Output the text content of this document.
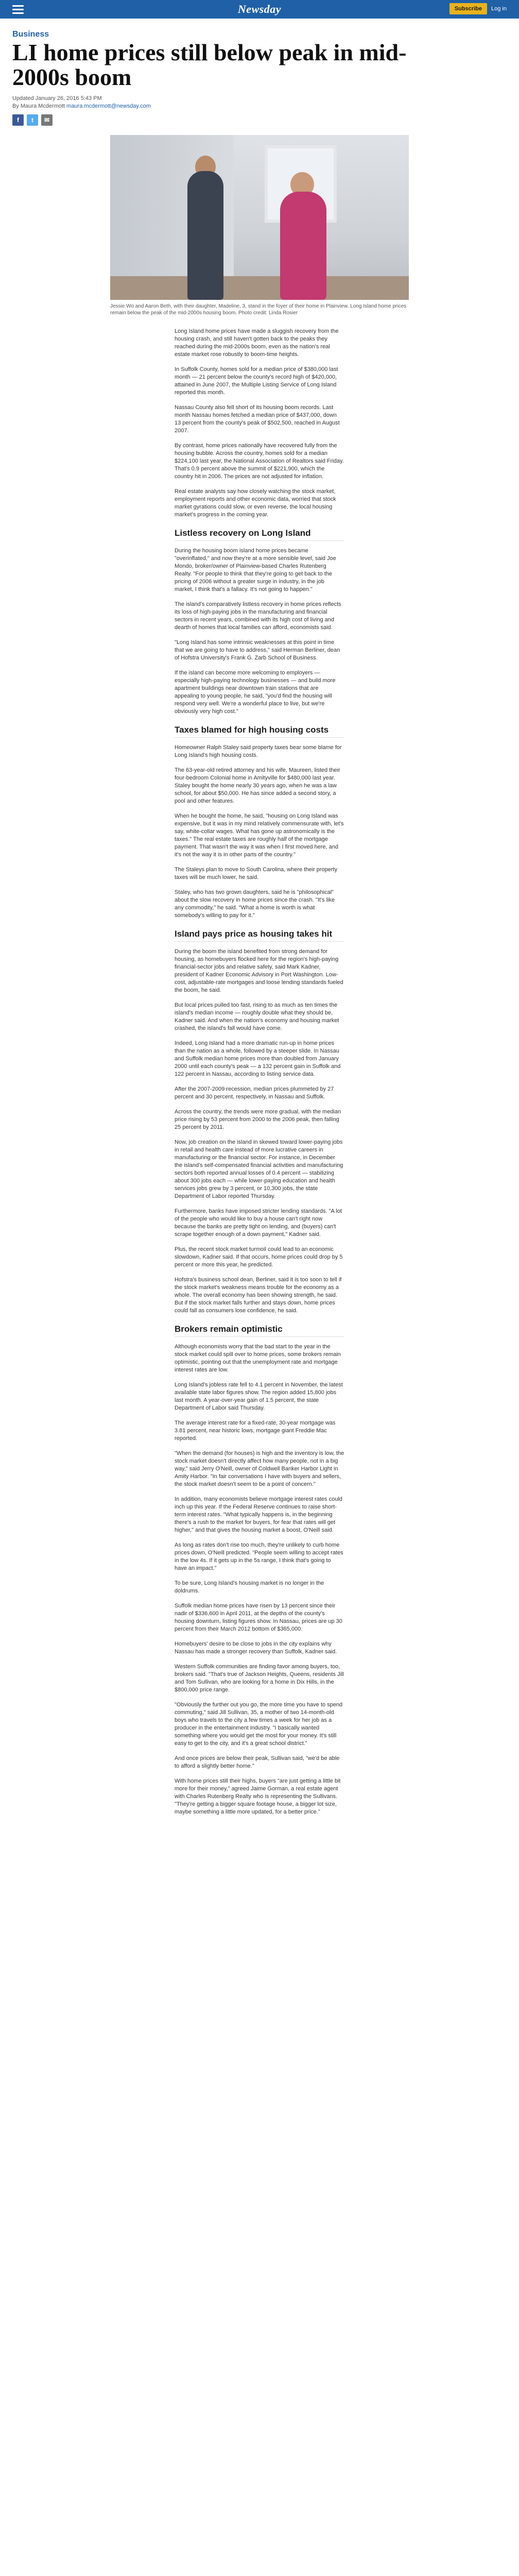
Newsday	Subscribe	Log in
Business
LI home prices still below peak in mid-2000s boom
Updated January 26, 2016 5:43 PM
By Maura Mcdermott maura.mcdermott@newsday.com
f	t	✉
Jessie Wo and Aaron Beth, with their daughter, Madeline, 3, stand in the foyer of their home in Plainview. Long Island home prices remain below the peak of the mid-2000s housing boom. Photo credit: Linda Rosier

Long Island home prices have made a sluggish recovery from the housing crash, and still haven't gotten back to the peaks they reached during the mid-2000s boom, even as the nation's real estate market rose robustly to boom-time heights.

In Suffolk County, homes sold for a median price of $380,000 last month — 21 percent below the county's record high of $420,000, attained in June 2007, the Multiple Listing Service of Long Island reported this month.

Nassau County also fell short of its housing boom records. Last month Nassau homes fetched a median price of $437,000, down 13 percent from the county's peak of $502,500, reached in August 2007.

By contrast, home prices nationally have recovered fully from the housing bubble. Across the country, homes sold for a median $224,100 last year, the National Association of Realtors said Friday. That's 0.9 percent above the summit of $221,900, which the country hit in 2006. The prices are not adjusted for inflation.

Real estate analysts say how closely watching the stock market, employment reports and other economic data, worried that stock market gyrations could slow, or even reverse, the local housing market's progress in the coming year.

Listless recovery on Long Island

During the housing boom island home prices became "overinflated," and now they're at a more sensible level, said Joe Mondo, broker/owner of Plainview-based Charles Rutenberg Realty. "For people to think that they're going to get back to the pricing of 2006 without a greater surge in industry, in the job market, I think that's a fallacy. It's not going to happen."

The island's comparatively listless recovery in home prices reflects its loss of high-paying jobs in the manufacturing and financial sectors in recent years, combined with its high cost of living and dearth of homes that local families can afford, economists said.

"Long Island has some intrinsic weaknesses at this point in time that we are going to have to address," said Herman Berliner, dean of Hofstra University's Frank G. Zarb School of Business.

If the island can become more welcoming to employers — especially high-paying technology businesses — and build more apartment buildings near downtown train stations that are appealing to young people, he said, "you'd find the housing will respond very well. We're a wonderful place to live, but we're obviously very high cost."

Taxes blamed for high housing costs

Homeowner Ralph Staley said property taxes bear some blame for Long Island's high housing costs.

The 63-year-old retired attorney and his wife, Maureen, listed their four-bedroom Colonial home in Amityville for $480,000 last year. Staley bought the home nearly 30 years ago, when he was a law school, for about $50,000. He has since added a second story, a pool and other features.

When he bought the home, he said, "housing on Long Island was expensive, but it was in my mind relatively commensurate with, let's say, white-collar wages. What has gone up astronomically is the taxes." The real estate taxes are roughly half of the mortgage payment. That wasn't the way it was when I first moved here, and it's not the way it is in other parts of the country."

The Staleys plan to move to South Carolina, where their property taxes will be much lower, he said.

Staley, who has two grown daughters, said he is "philosophical" about the slow recovery in home prices since the crash. "It's like any commodity," he said. "What a home is worth is what somebody's willing to pay for it."

Island pays price as housing takes hit

During the boom the island benefited from strong demand for housing, as homebuyers flocked here for the region's high-paying financial-sector jobs and relative safety, said Mark Kadner, president of Kadner Economic Advisory in Port Washington. Low-cost, adjustable-rate mortgages and loose lending standards fueled the boom, he said.

But local prices pulled too fast, rising to as much as ten times the island's median income — roughly double what they should be, Kadner said. And when the nation's economy and housing market crashed, the island's fall would have come.

Indeed, Long Island had a more dramatic run-up in home prices than the nation as a whole, followed by a steeper slide. In Nassau and Suffolk median home prices more than doubled from January 2000 until each county's peak — a 132 percent gain in Suffolk and 122 percent in Nassau, according to listing service data.

After the 2007-2009 recession, median prices plummeted by 27 percent and 30 percent, respectively, in Nassau and Suffolk.

Across the country, the trends were more gradual, with the median price rising by 53 percent from 2000 to the 2006 peak, then falling 25 percent by 2011.

Now, job creation on the island in skewed toward lower-paying jobs in retail and health care instead of more lucrative careers in manufacturing or the financial sector. For instance, in December the island's self-compensated financial activities and manufacturing sectors both reported annual losses of 0.4 percent — stabilizing about 300 jobs each — while lower-paying education and health services jobs grew by 3 percent, or 10,300 jobs, the state Department of Labor reported Thursday.

Furthermore, banks have imposed stricter lending standards. "A lot of the people who would like to buy a house can't right now because the banks are pretty tight on lending, and (buyers) can't scrape together enough of a down payment," Kadner said.

Plus, the recent stock market turmoil could lead to an economic slowdown, Kadner said. If that occurs, home prices could drop by 5 percent or more this year, he predicted.

Hofstra's business school dean, Berliner, said it is too soon to tell if the stock market's weakness means trouble for the economy as a whole. The overall economy has been showing strength, he said. But if the stock market falls further and stays down, home prices could fall as consumers lose confidence, he said.

Brokers remain optimistic

Although economists worry that the bad start to the year in the stock market could spill over to home prices, some brokers remain optimistic, pointing out that the unemployment rate and mortgage interest rates are low.

Long Island's jobless rate fell to 4.1 percent in November, the latest available state labor figures show. The region added 15,800 jobs last month. A year-over-year gain of 1.5 percent, the state Department of Labor said Thursday.

The average interest rate for a fixed-rate, 30-year mortgage was 3.81 percent, near historic lows, mortgage giant Freddie Mac reported.

"When the demand (for houses) is high and the inventory is low, the stock market doesn't directly affect how many people, not in a big way," said Jerry O'Neill, owner of Coldwell Banker Harbor Light in Amity Harbor. "In fair conversations I have with buyers and sellers, the stock market doesn't seem to be a point of concern."

In addition, many economists believe mortgage interest rates could inch up this year. If the Federal Reserve continues to raise short-term interest rates. "What typically happens is, in the beginning there's a rush to the market for buyers, for fear that rates will get higher," and that gives the housing market a boost, O'Neill said.

As long as rates don't rise too much, they're unlikely to curb home prices down, O'Neill predicted. "People seem willing to accept rates in the low 4s. If it gets up in the 5s range, I think that's going to have an impact."

To be sure, Long Island's housing market is no longer in the doldrums.

Suffolk median home prices have risen by 13 percent since their nadir of $336,600 in April 2011, at the depths of the county's housing downturn, listing figures show. In Nassau, prices are up 30 percent from their March 2012 bottom of $365,000.

Homebuyers' desire to be close to jobs in the city explains why Nassau has made a stronger recovery than Suffolk, Kadner said.

Western Suffolk communities are finding favor among buyers, too, brokers said. "That's true of Jackson Heights, Queens, residents Jill and Tom Sullivan, who are looking for a home in Dix Hills, in the $800,000 price range.

"Obviously the further out you go, the more time you have to spend commuting," said Jill Sullivan, 35, a mother of two 14-month-old boys who travels to the city a few times a week for her job as a producer in the entertainment industry. "I basically wanted something where you would get the most for your money. It's still easy to get to the city, and it's a great school district."

And once prices are below their peak, Sullivan said, "we'd be able to afford a slightly better home."

With home prices still their highs, buyers "are just getting a little bit more for their money," agreed Jaime Gorman, a real estate agent with Charles Rutenberg Realty who is representing the Sullivans. "They're getting a bigger square footage house, a bigger lot size, maybe something a little more updated, for a better price."
